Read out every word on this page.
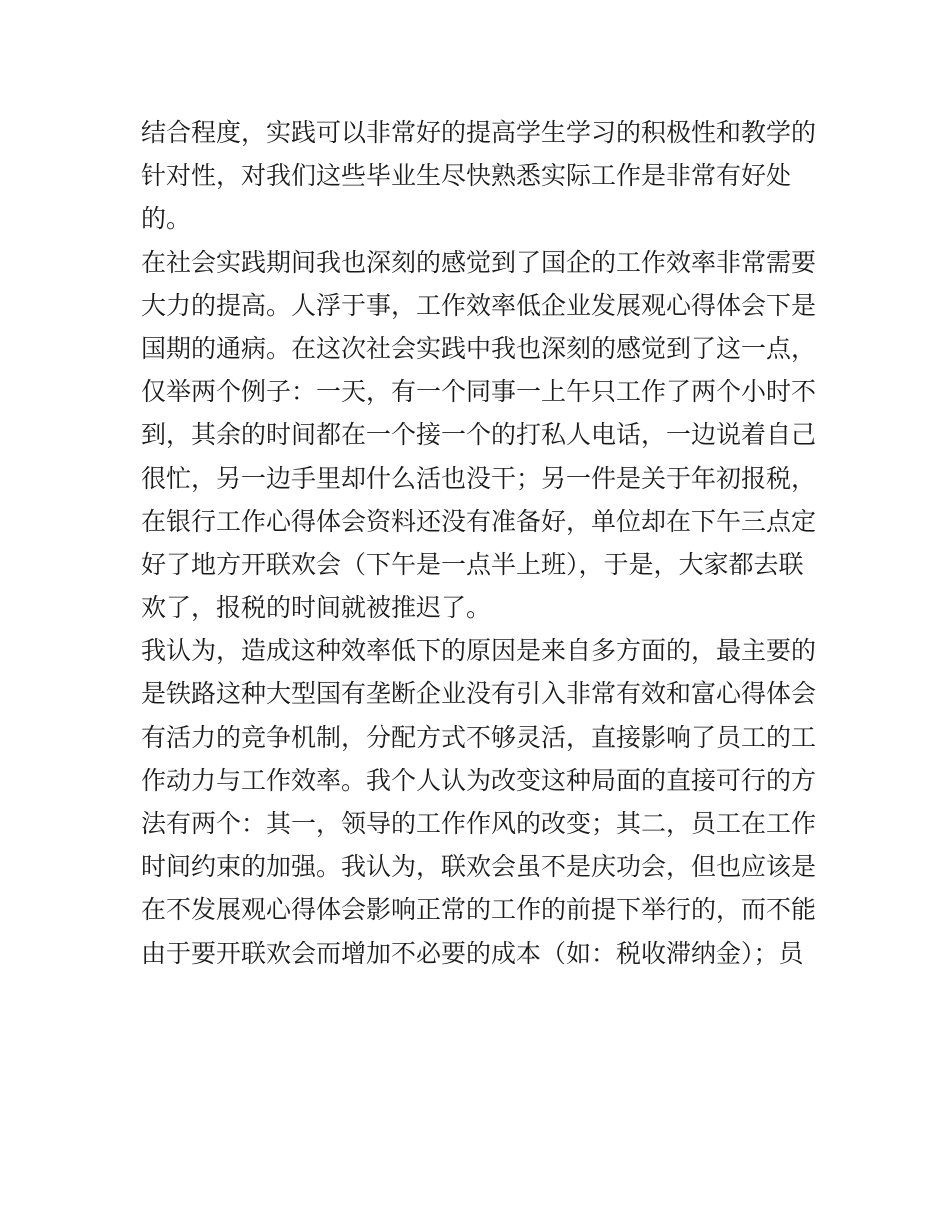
结合程度，实践可以非常好的提高学生学习的积极性和教学的
针对性，对我们这些毕业生尽快熟悉实际工作是非常有好处
的。
在社会实践期间我也深刻的感觉到了国企的工作效率非常需要
大力的提高。人浮于事，工作效率低企业发展观心得体会下是
国期的通病。在这次社会实践中我也深刻的感觉到了这一点，
仅举两个例子：一天，有一个同事一上午只工作了两个小时不
到，其余的时间都在一个接一个的打私人电话，一边说着自己
很忙，另一边手里却什么活也没干；另一件是关于年初报税，
在银行工作心得体会资料还没有准备好，单位却在下午三点定
好了地方开联欢会（下午是一点半上班），于是，大家都去联
欢了，报税的时间就被推迟了。
我认为，造成这种效率低下的原因是来自多方面的，最主要的
是铁路这种大型国有垄断企业没有引入非常有效和富心得体会
有活力的竞争机制，分配方式不够灵活，直接影响了员工的工
作动力与工作效率。我个人认为改变这种局面的直接可行的方
法有两个：其一，领导的工作作风的改变；其二，员工在工作
时间约束的加强。我认为，联欢会虽不是庆功会，但也应该是
在不发展观心得体会影响正常的工作的前提下举行的，而不能
由于要开联欢会而增加不必要的成本（如：税收滞纳金）；员
